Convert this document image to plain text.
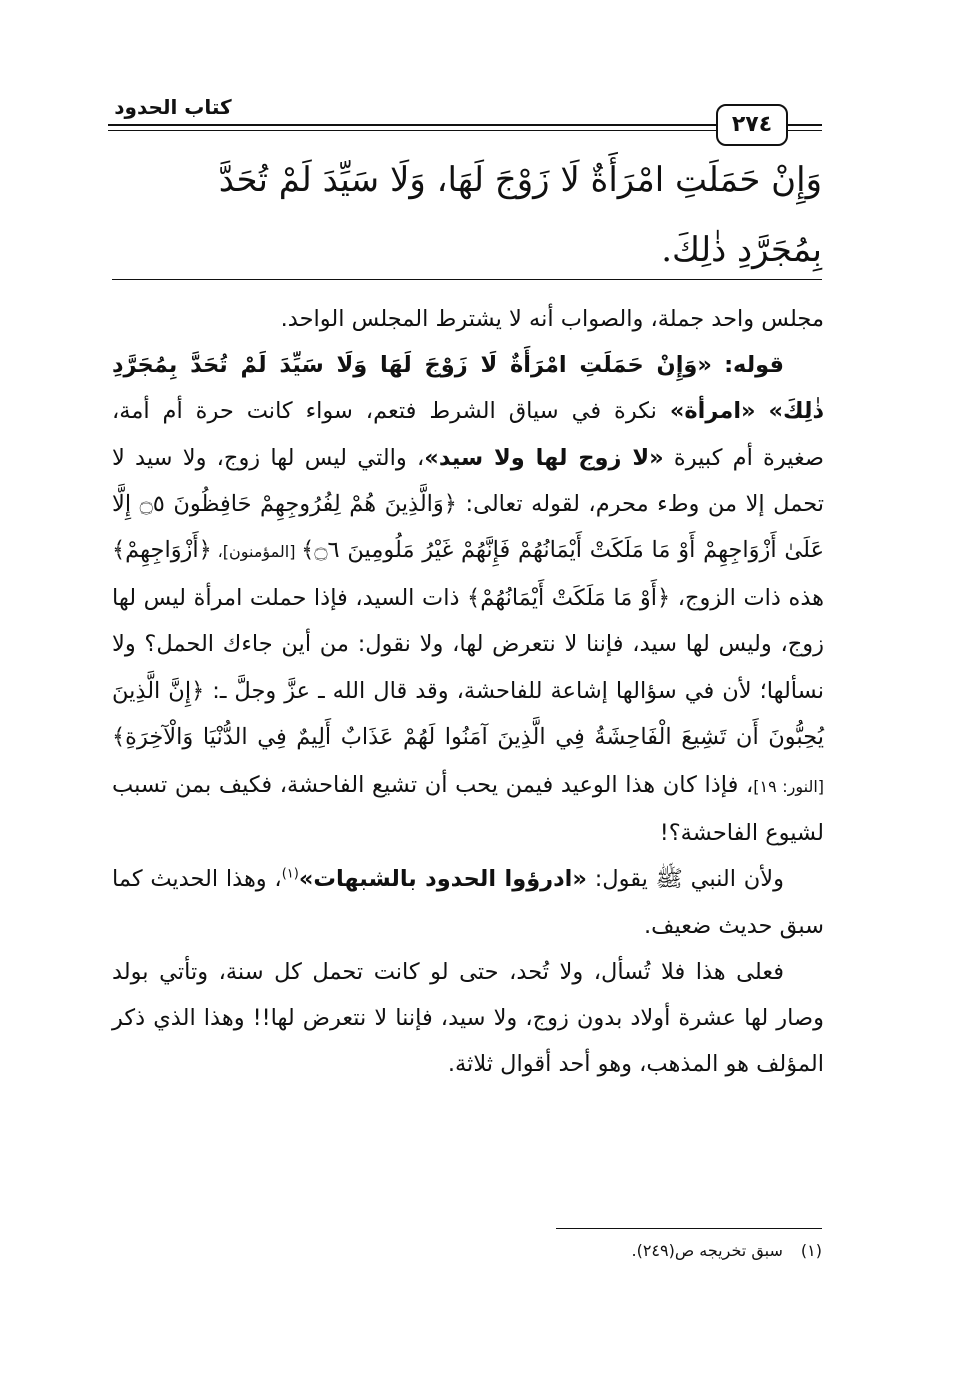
كتاب الحدود
٢٧٤
وَإِنْ حَمَلَتِ امْرَأَةٌ لَا زَوْجَ لَهَا، وَلَا سَيِّدَ لَمْ تُحَدَّ
بِمُجَرَّدِ ذٰلِكَ.

مجلس واحد جملة، والصواب أنه لا يشترط المجلس الواحد.

قوله: «وَإِنْ حَمَلَتِ امْرَأَةٌ لَا زَوْجَ لَهَا وَلَا سَيِّدَ لَمْ تُحَدَّ بِمُجَرَّدِ ذٰلِكَ» «امرأة» نكرة في سياق الشرط فتعم، سواء كانت حرة أم أمة، صغيرة أم كبيرة «لا زوج لها ولا سيد»، والتي ليس لها زوج، ولا سيد لا تحمل إلا من وطء محرم، لقوله تعالى: ﴿وَالَّذِينَ هُمْ لِفُرُوجِهِمْ حَافِظُونَ ۝٥ إِلَّا عَلَىٰ أَزْوَاجِهِمْ أَوْ مَا مَلَكَتْ أَيْمَانُهُمْ فَإِنَّهُمْ غَيْرُ مَلُومِينَ ۝٦﴾ [المؤمنون]، ﴿أَزْوَاجِهِمْ﴾ هذه ذات الزوج، ﴿أَوْ مَا مَلَكَتْ أَيْمَانُهُمْ﴾ ذات السيد، فإذا حملت امرأة ليس لها زوج، وليس لها سيد، فإننا لا نتعرض لها، ولا نقول: من أين جاءك الحمل؟ ولا نسألها؛ لأن في سؤالها إشاعة للفاحشة، وقد قال الله ـ عزَّ وجلَّ ـ: ﴿إِنَّ الَّذِينَ يُحِبُّونَ أَن تَشِيعَ الْفَاحِشَةُ فِي الَّذِينَ آمَنُوا لَهُمْ عَذَابٌ أَلِيمٌ فِي الدُّنْيَا وَالْآخِرَةِ﴾ [النور: ١٩]، فإذا كان هذا الوعيد فيمن يحب أن تشيع الفاحشة، فكيف بمن تسبب لشيوع الفاحشة؟!

ولأن النبي ﷺ يقول: «ادرؤوا الحدود بالشبهات»$^{(١)}$، وهذا الحديث كما سبق حديث ضعيف.

فعلى هذا فلا تُسأل، ولا تُحد، حتى لو كانت تحمل كل سنة، وتأتي بولد وصار لها عشرة أولاد بدون زوج، ولا سيد، فإننا لا نتعرض لها!! وهذا الذي ذكر المؤلف هو المذهب، وهو أحد أقوال ثلاثة.

(١)سبق تخريجه ص(٢٤٩).
